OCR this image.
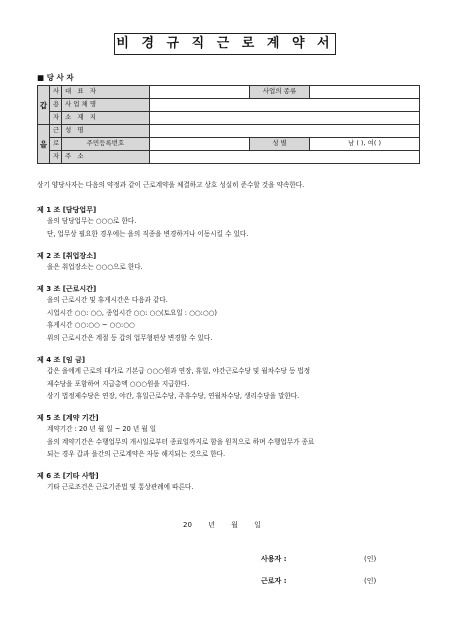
비 경 규 직 근 로 계 약 서
■ 당 사 자
갑	사	대 표 자		사업의 종류	
	용	사업체명			
	자	소 재 지			
을	근	성 명			
	로	주민등록번호		성 별	남 ( ), 여( )
	자	주 소			
상기 양당사자는 다음의 약정과 같이 근로계약을 체결하고 상호 성실히 준수할 것을 약속한다.
제 1 조 [담당업무]
을의 담당업무는 ○○○로 한다.
단, 업무상 필요한 경우에는 을의 직종을 변경하거나 이동시킬 수 있다.
제 2 조 [취업장소]
을은 취업장소는 ○○○으로 한다.
제 3 조 [근로시간]
을의 근로시간 및 휴게시간은 다음과 같다.
시업시간 ○○: ○○, 종업시간 ○○: ○○(토요일 : ○○:○○)
휴게시간 ○○:○○ ~ ○○:○○
위의 근로시간은 계절 등 갑의 업무형편상 변경할 수 있다.
제 4 조 [임 금]
갑은 을에게 근로의 대가로 기본급 ○○○원과 연장, 휴일, 야간근로수당 및 월차수당 등 법정
제수당을 포함하여 지급총액 ○○○원을 지급한다.
상기 법정제수당은 연장, 야간, 휴일근로수당, 주휴수당, 연월차수당, 생리수당을 말한다.
제 5 조 [계약 기간]
계약기간 : 20 년 월 일 ~ 20 년 월 일
을의 계약기간은 수행업무의 개시일로부터 종료일까지로 함을 원칙으로 하며 수행업무가 종료
되는 경우 갑과 을간의 근로계약은 자동 해지되는 것으로 한다.
제 6 조 [기타 사항]
기타 근로조건은 근로기준법 및 통상관례에 따른다.
20 년 월 일
사용자 :	(인)
근로자 :	(인)
